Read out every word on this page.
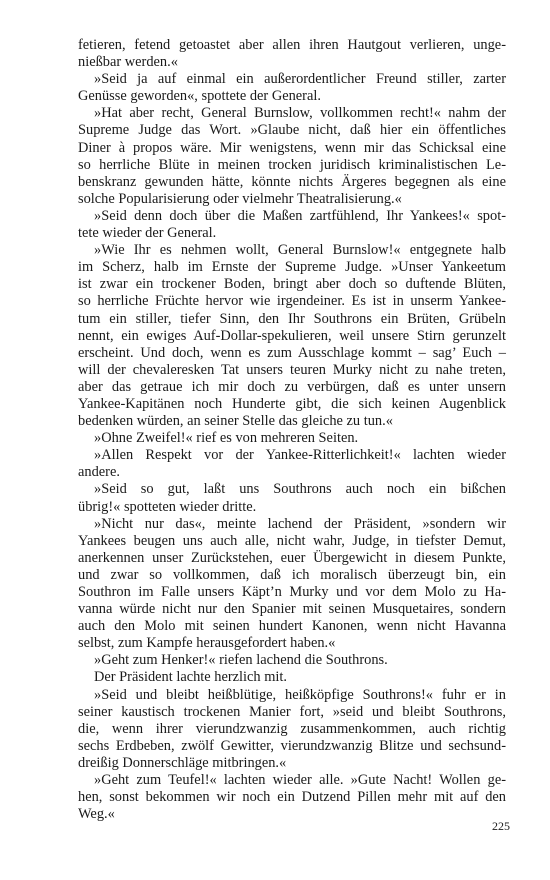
fetieren, fetend getoastet aber allen ihren Hautgout verlieren, unge-
nießbar werden.«
»Seid ja auf einmal ein außerordentlicher Freund stiller, zarter
Genüsse geworden«, spottete der General.
»Hat aber recht, General Burnslow, vollkommen recht!« nahm der
Supreme Judge das Wort. »Glaube nicht, daß hier ein öffentliches
Diner à propos wäre. Mir wenigstens, wenn mir das Schicksal eine
so herrliche Blüte in meinen trocken juridisch kriminalistischen Le-
benskranz gewunden hätte, könnte nichts Ärgeres begegnen als eine
solche Popularisierung oder vielmehr Theatralisierung.«
»Seid denn doch über die Maßen zartfühlend, Ihr Yankees!« spot-
tete wieder der General.
»Wie Ihr es nehmen wollt, General Burnslow!« entgegnete halb
im Scherz, halb im Ernste der Supreme Judge. »Unser Yankeetum
ist zwar ein trockener Boden, bringt aber doch so duftende Blüten,
so herrliche Früchte hervor wie irgendeiner. Es ist in unserm Yankee-
tum ein stiller, tiefer Sinn, den Ihr Southrons ein Brüten, Grübeln
nennt, ein ewiges Auf-Dollar-spekulieren, weil unsere Stirn gerunzelt
erscheint. Und doch, wenn es zum Ausschlage kommt – sag’ Euch –
will der chevaleresken Tat unsers teuren Murky nicht zu nahe treten,
aber das getraue ich mir doch zu verbürgen, daß es unter unsern
Yankee-Kapitänen noch Hunderte gibt, die sich keinen Augenblick
bedenken würden, an seiner Stelle das gleiche zu tun.«
»Ohne Zweifel!« rief es von mehreren Seiten.
»Allen Respekt vor der Yankee-Ritterlichkeit!« lachten wieder
andere.
»Seid so gut, laßt uns Southrons auch noch ein bißchen
übrig!« spotteten wieder dritte.
»Nicht nur das«, meinte lachend der Präsident, »sondern wir
Yankees beugen uns auch alle, nicht wahr, Judge, in tiefster Demut,
anerkennen unser Zurückstehen, euer Übergewicht in diesem Punkte,
und zwar so vollkommen, daß ich moralisch überzeugt bin, ein
Southron im Falle unsers Käpt’n Murky und vor dem Molo zu Ha-
vanna würde nicht nur den Spanier mit seinen Musquetaires, sondern
auch den Molo mit seinen hundert Kanonen, wenn nicht Havanna
selbst, zum Kampfe herausgefordert haben.«
»Geht zum Henker!« riefen lachend die Southrons.
Der Präsident lachte herzlich mit.
»Seid und bleibt heißblütige, heißköpfige Southrons!« fuhr er in
seiner kaustisch trockenen Manier fort, »seid und bleibt Southrons,
die, wenn ihrer vierundzwanzig zusammenkommen, auch richtig
sechs Erdbeben, zwölf Gewitter, vierundzwanzig Blitze und sechsund-
dreißig Donnerschläge mitbringen.«
»Geht zum Teufel!« lachten wieder alle. »Gute Nacht! Wollen ge-
hen, sonst bekommen wir noch ein Dutzend Pillen mehr mit auf den
Weg.«
225
